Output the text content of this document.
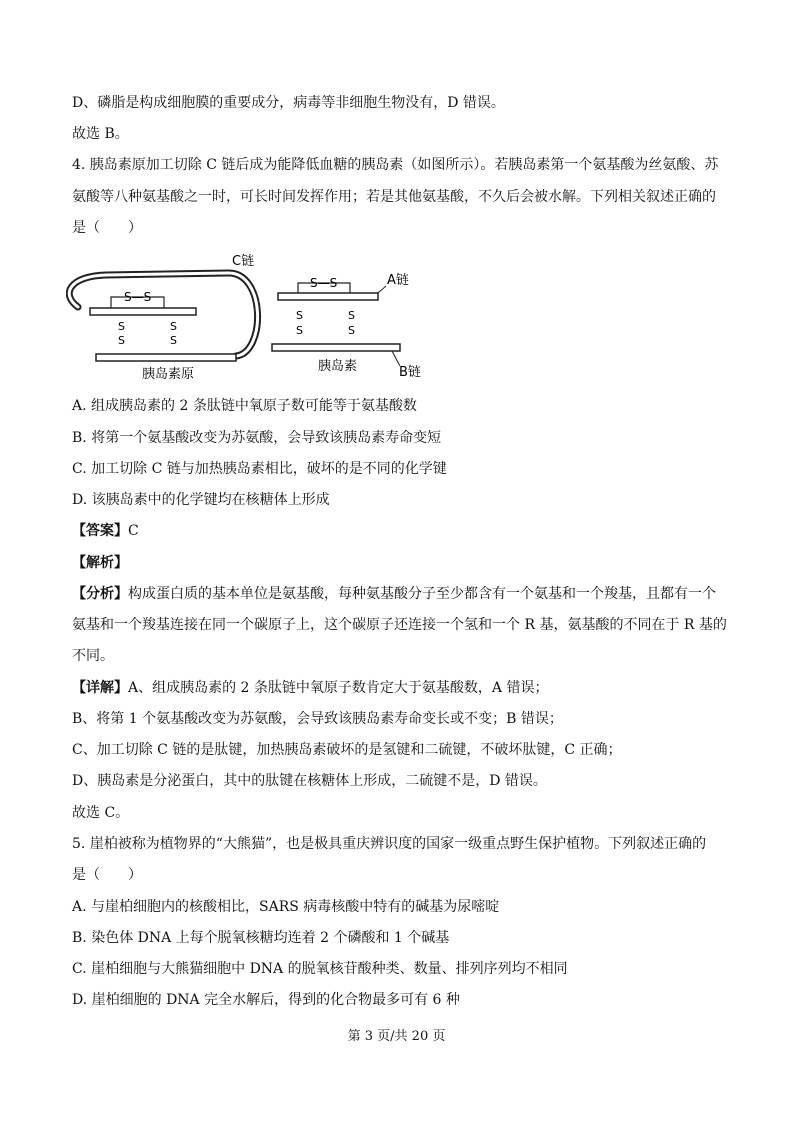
D、磷脂是构成细胞膜的重要成分，病毒等非细胞生物没有，D 错误。
故选 B。
4. 胰岛素原加工切除 C 链后成为能降低血糖的胰岛素（如图所示）。若胰岛素第一个氨基酸为丝氨酸、苏
氨酸等八种氨基酸之一时，可长时间发挥作用；若是其他氨基酸，不久后会被水解。下列相关叙述正确的
是（　　）
C链
S—S
S
S
S
S
胰岛素原
S—S	A链
S
S
S
S
胰岛素	B链
A. 组成胰岛素的 2 条肽链中氧原子数可能等于氨基酸数
B. 将第一个氨基酸改变为苏氨酸，会导致该胰岛素寿命变短
C. 加工切除 C 链与加热胰岛素相比，破坏的是不同的化学键
D. 该胰岛素中的化学键均在核糖体上形成
【答案】C
【解析】
【分析】构成蛋白质的基本单位是氨基酸，每种氨基酸分子至少都含有一个氨基和一个羧基，且都有一个
氨基和一个羧基连接在同一个碳原子上，这个碳原子还连接一个氢和一个 R 基，氨基酸的不同在于 R 基的
不同。
【详解】A、组成胰岛素的 2 条肽链中氧原子数肯定大于氨基酸数，A 错误；
B、将第 1 个氨基酸改变为苏氨酸，会导致该胰岛素寿命变长或不变；B 错误；
C、加工切除 C 链的是肽键，加热胰岛素破坏的是氢键和二硫键，不破坏肽键，C 正确；
D、胰岛素是分泌蛋白，其中的肽键在核糖体上形成，二硫键不是，D 错误。
故选 C。
5. 崖柏被称为植物界的“大熊猫”，也是极具重庆辨识度的国家一级重点野生保护植物。下列叙述正确的
是（　　）
A. 与崖柏细胞内的核酸相比，SARS 病毒核酸中特有的碱基为尿嘧啶
B. 染色体 DNA 上每个脱氧核糖均连着 2 个磷酸和 1 个碱基
C. 崖柏细胞与大熊猫细胞中 DNA 的脱氧核苷酸种类、数量、排列序列均不相同
D. 崖柏细胞的 DNA 完全水解后，得到的化合物最多可有 6 种
第 3 页/共 20 页
